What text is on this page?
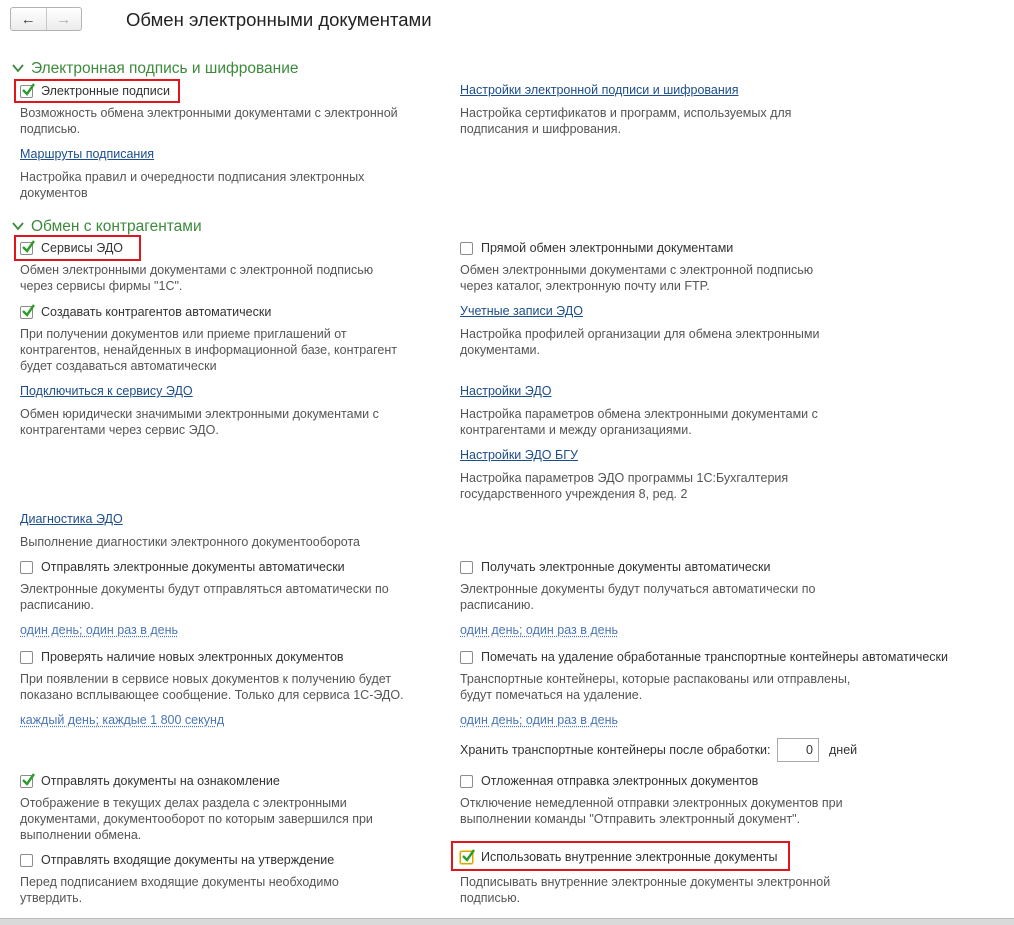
← →	Обмен электронными документами
Электронная подпись и шифрование
Электронные подписи
Возможность обмена электронными документами с электронной подписью.
Настройки электронной подписи и шифрования
Настройка сертификатов и программ, используемых для подписания и шифрования.
Маршруты подписания
Настройка правил и очередности подписания электронных документов
Обмен с контрагентами
Сервисы ЭДО
Обмен электронными документами с электронной подписью через сервисы фирмы "1С".
Прямой обмен электронными документами
Обмен электронными документами с электронной подписью через каталог, электронную почту или FTP.
Создавать контрагентов автоматически
При получении документов или приеме приглашений от контрагентов, ненайденных в информационной базе, контрагент будет создаваться автоматически
Учетные записи ЭДО
Настройка профилей организации для обмена электронными документами.
Подключиться к сервису ЭДО
Обмен юридически значимыми электронными документами с контрагентами через сервис ЭДО.
Настройки ЭДО
Настройка параметров обмена электронными документами с контрагентами и между организациями.
Настройки ЭДО БГУ
Настройка параметров ЭДО программы 1С:Бухгалтерия государственного учреждения 8, ред. 2
Диагностика ЭДО
Выполнение диагностики электронного документооборота
Отправлять электронные документы автоматически
Электронные документы будут отправляться автоматически по расписанию.
один день; один раз в день
Получать электронные документы автоматически
Электронные документы будут получаться автоматически по расписанию.
один день; один раз в день
Проверять наличие новых электронных документов
При появлении в сервисе новых документов к получению будет показано всплывающее сообщение. Только для сервиса 1С-ЭДО.
каждый день; каждые 1 800 секунд
Помечать на удаление обработанные транспортные контейнеры автоматически
Транспортные контейнеры, которые распакованы или отправлены, будут помечаться на удаление.
один день; один раз в день
Хранить транспортные контейнеры после обработки:	0	дней
Отправлять документы на ознакомление
Отображение в текущих делах раздела с электронными документами, документооборот по которым завершился при выполнении обмена.
Отложенная отправка электронных документов
Отключение немедленной отправки электронных документов при выполнении команды "Отправить электронный документ".
Отправлять входящие документы на утверждение
Перед подписанием входящие документы необходимо утвердить.
Использовать внутренние электронные документы
Подписывать внутренние электронные документы электронной подписью.
